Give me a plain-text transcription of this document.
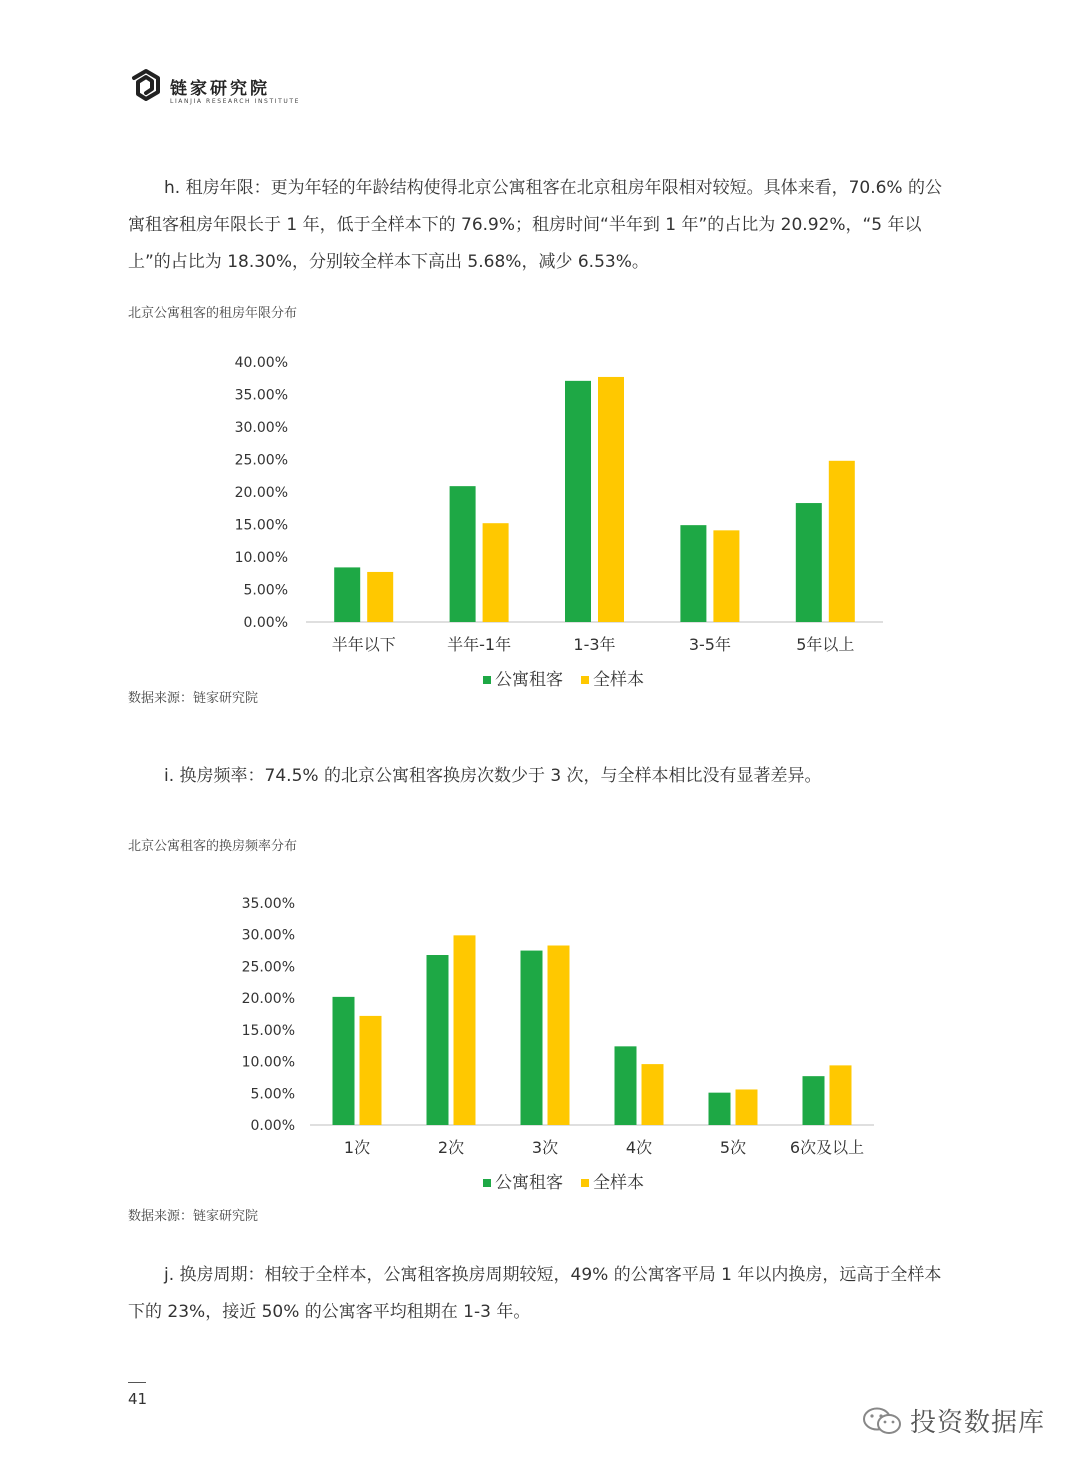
链家研究院
LIANJIA RESEARCH INSTITUTE
h. 租房年限：更为年轻的年龄结构使得北京公寓租客在北京租房年限相对较短。具体来看，70.6% 的公寓租客租房年限长于 1 年，低于全样本下的 76.9%；租房时间“半年到 1 年”的占比为 20.92%，“5 年以上”的占比为 18.30%，分别较全样本下高出 5.68%，减少 6.53%。
北京公寓租客的租房年限分布
0.00%
5.00%
10.00%
15.00%
20.00%
25.00%
30.00%
35.00%
40.00%
半年以下	半年-1年	1-3年	3-5年	5年以上
公寓租客 全样本
数据来源：链家研究院
i. 换房频率：74.5% 的北京公寓租客换房次数少于 3 次，与全样本相比没有显著差异。
北京公寓租客的换房频率分布
0.00%
5.00%
10.00%
15.00%
20.00%
25.00%
30.00%
35.00%
1次	2次	3次	4次	5次	6次及以上
公寓租客 全样本
数据来源：链家研究院
j. 换房周期：相较于全样本，公寓租客换房周期较短，49% 的公寓客平局 1 年以内换房，远高于全样本下的 23%，接近 50% 的公寓客平均租期在 1-3 年。
41
投资数据库
